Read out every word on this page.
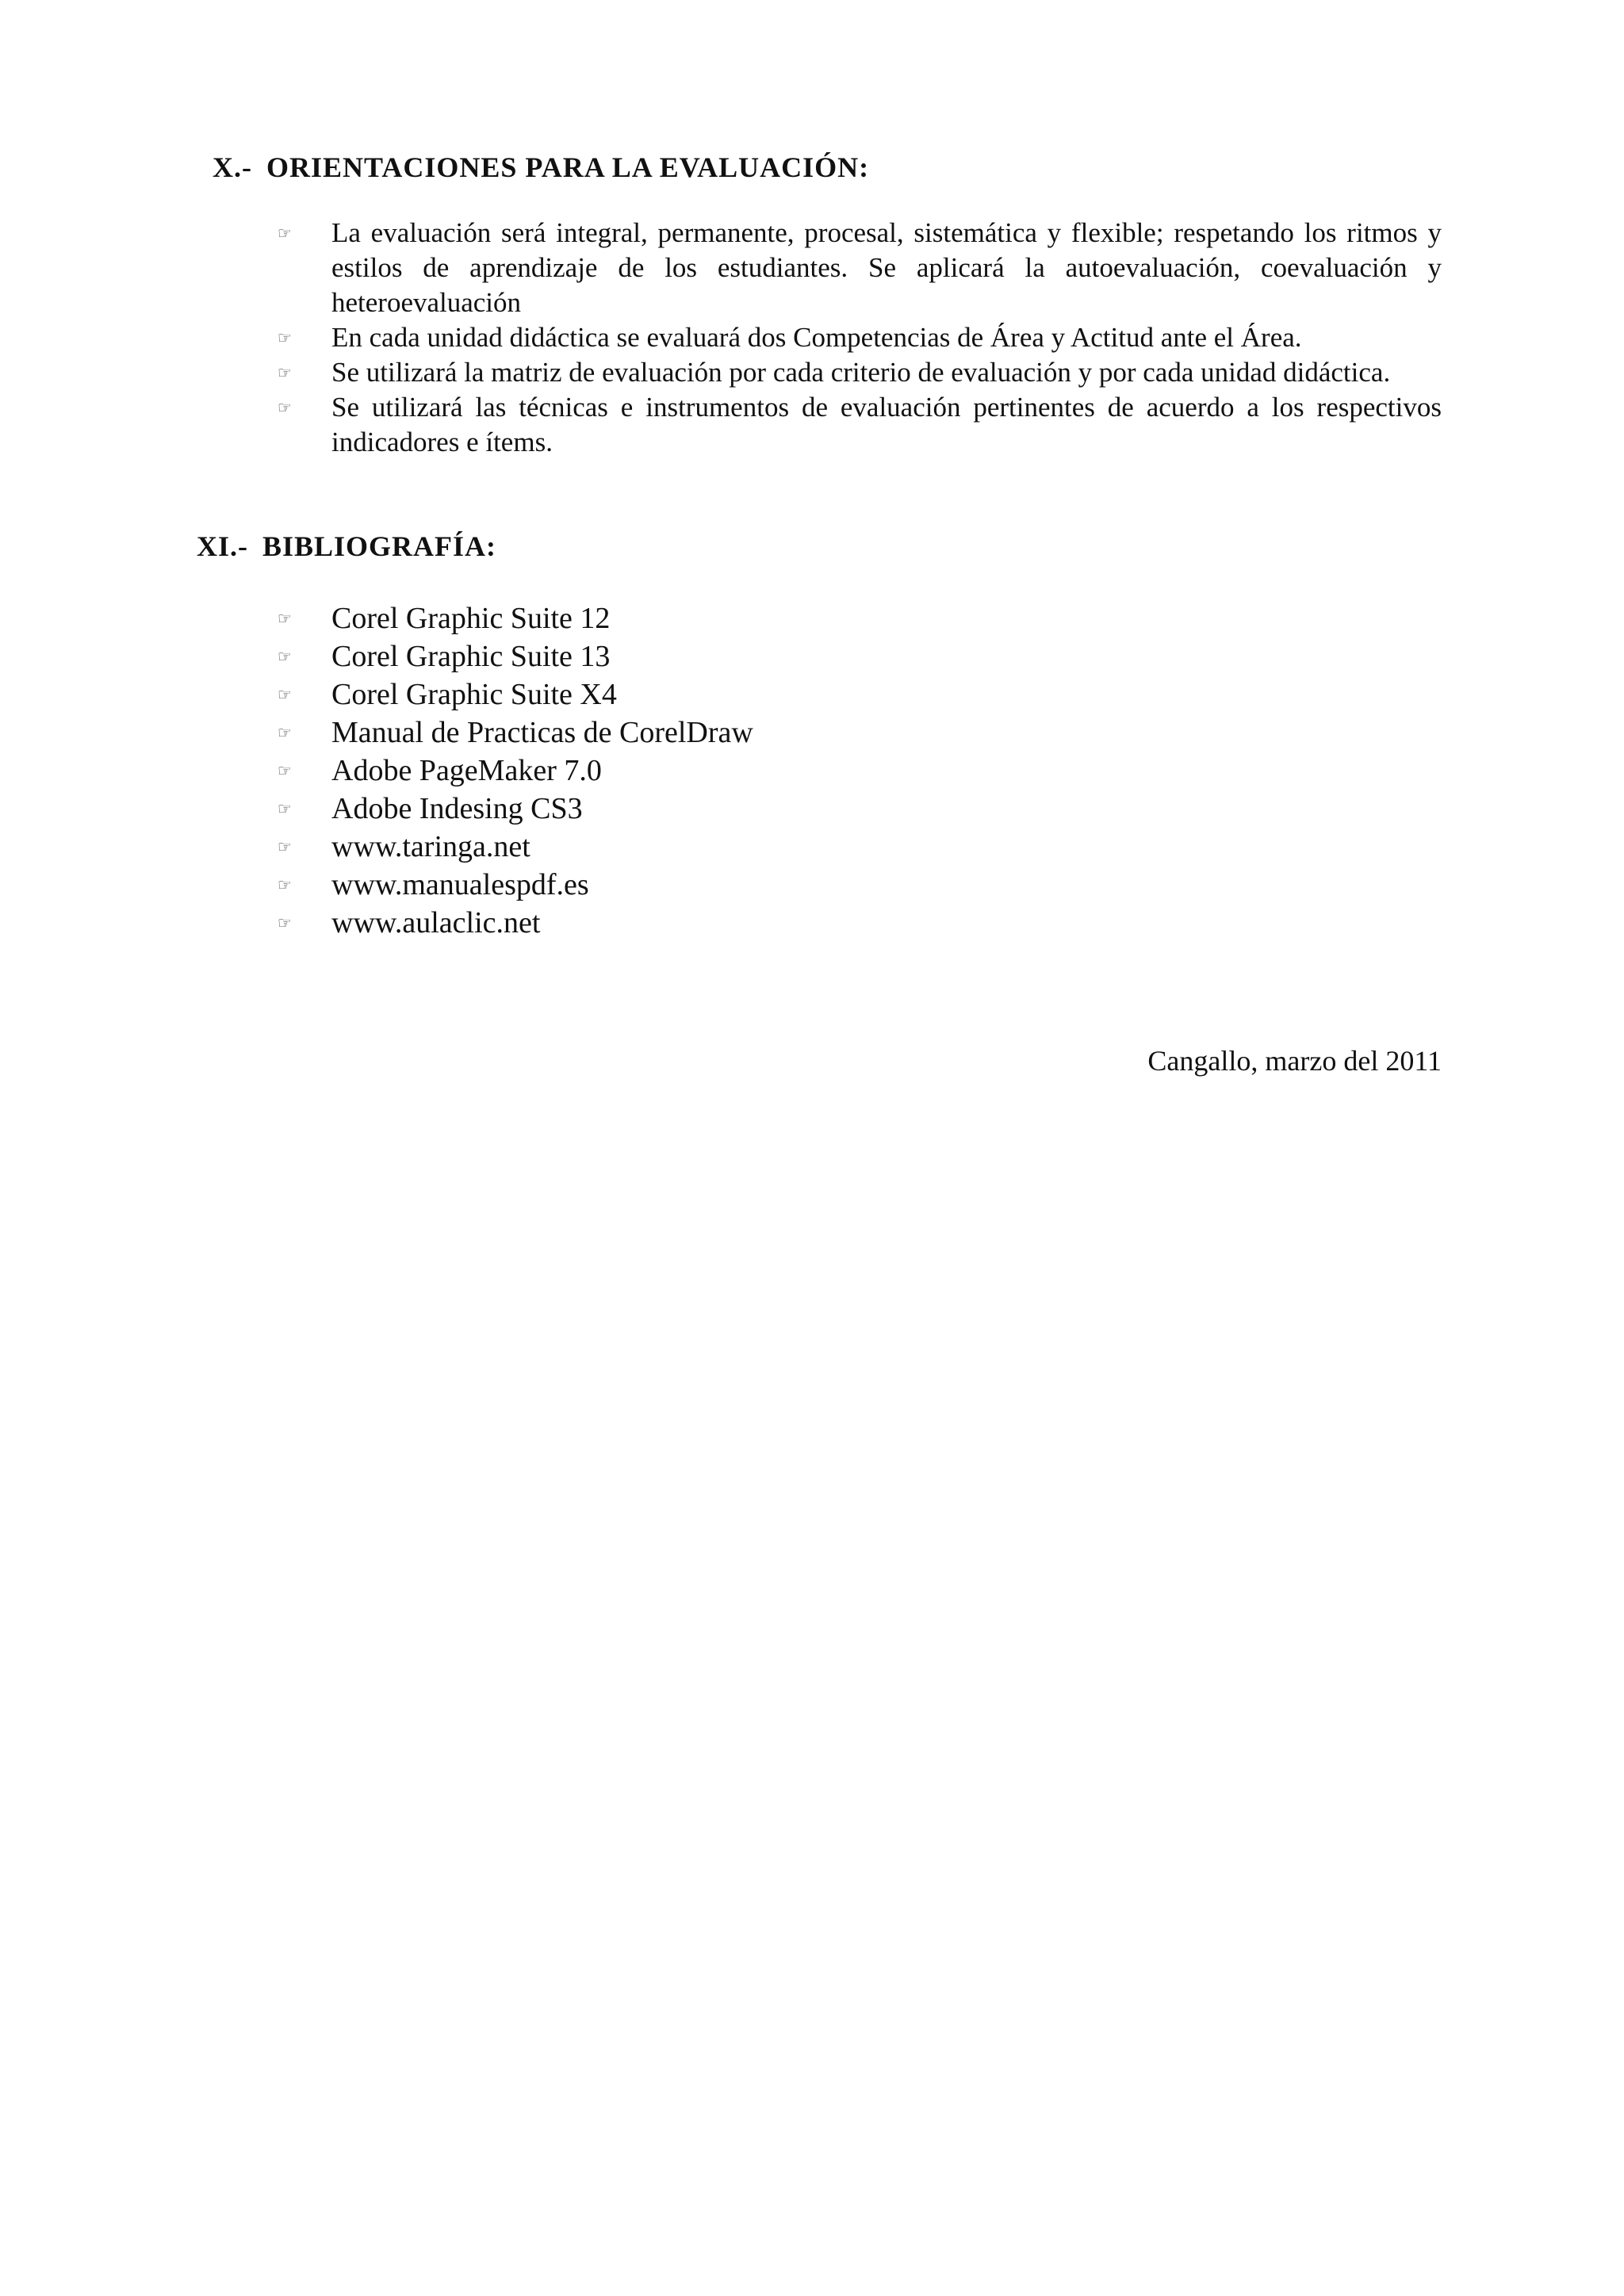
X.- ORIENTACIONES PARA LA EVALUACIÓN:
☞	La evaluación será integral, permanente, procesal, sistemática y flexible; respetando los ritmos y estilos de aprendizaje de los estudiantes. Se aplicará la autoevaluación, coevaluación y heteroevaluación
☞	En cada unidad didáctica se evaluará dos Competencias de Área y Actitud ante el Área.
☞	Se utilizará la matriz de evaluación por cada criterio de evaluación y por cada unidad didáctica.
☞	Se utilizará las técnicas e instrumentos de evaluación pertinentes de acuerdo a los respectivos indicadores e ítems.
XI.- BIBLIOGRAFÍA:
☞	Corel Graphic Suite 12
☞	Corel Graphic Suite 13
☞	Corel Graphic Suite X4
☞	Manual de Practicas de CorelDraw
☞	Adobe PageMaker 7.0
☞	Adobe Indesing CS3
☞	www.taringa.net
☞	www.manualespdf.es
☞	www.aulaclic.net
Cangallo, marzo del 2011
